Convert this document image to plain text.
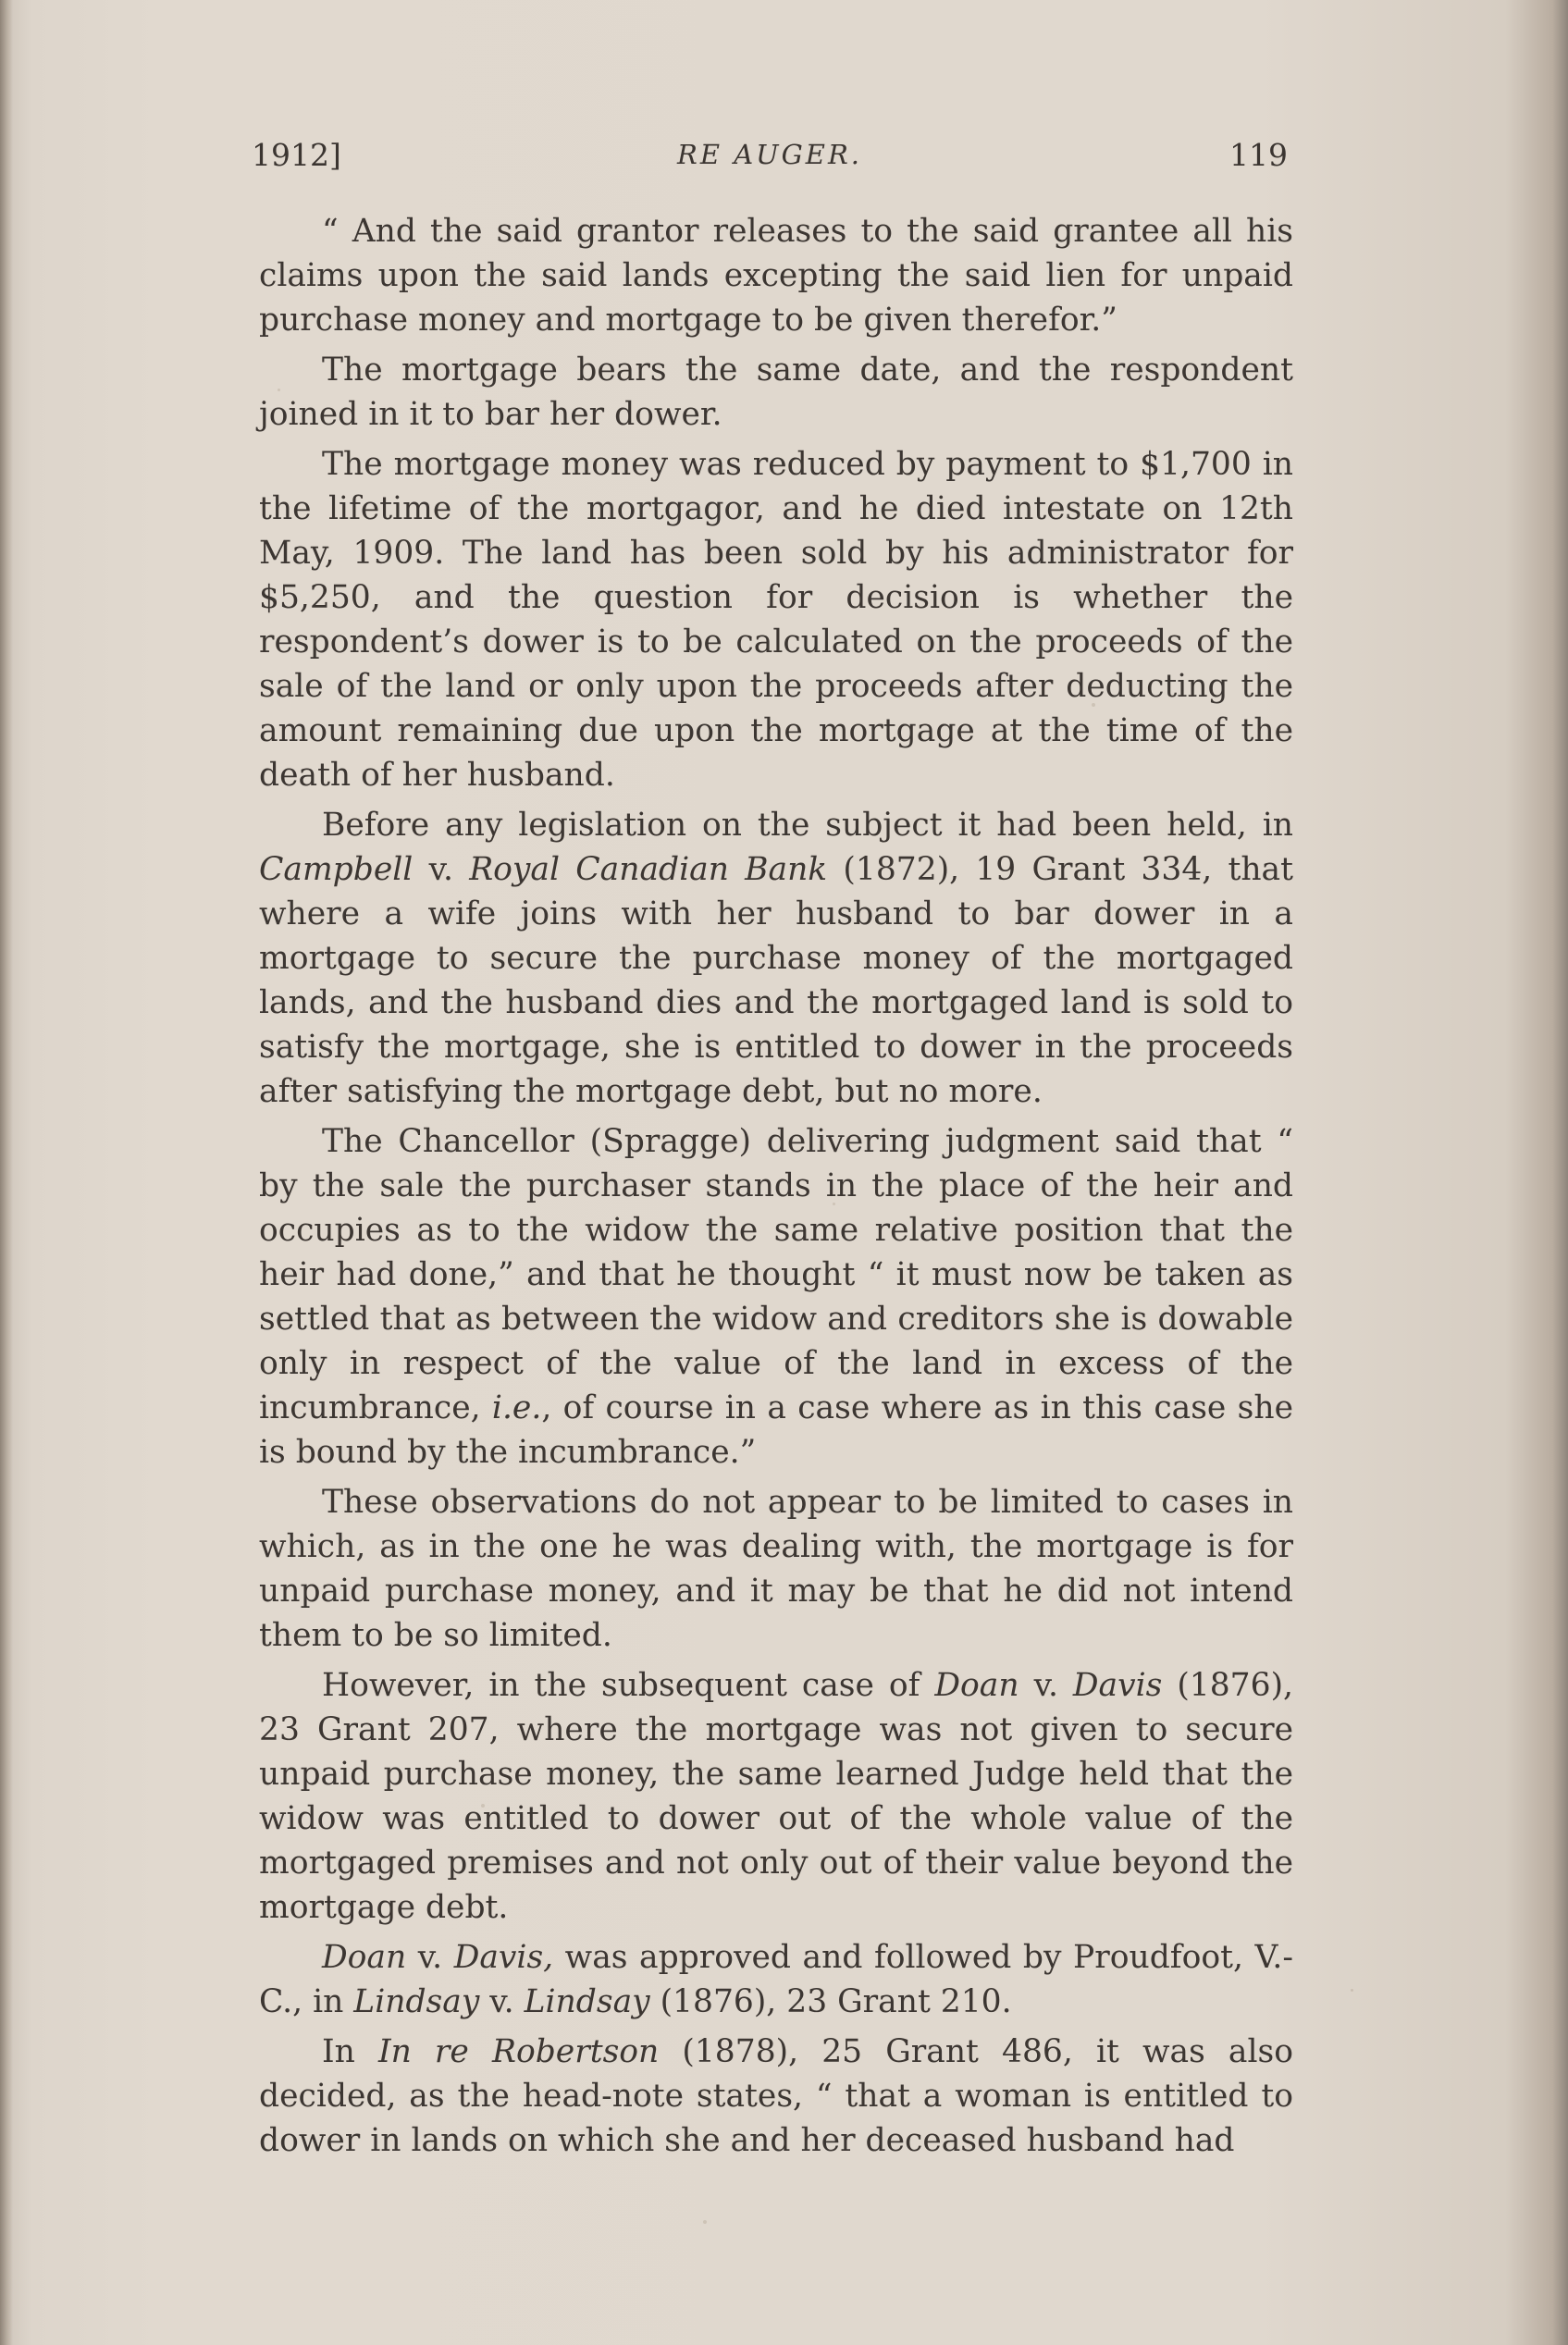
1912]	RE AUGER.	119

“ And the said grantor releases to the said grantee all his claims upon the said lands excepting the said lien for unpaid purchase money and mortgage to be given therefor.”

The mortgage bears the same date, and the respondent joined in it to bar her dower.

The mortgage money was reduced by payment to $1,700 in the lifetime of the mortgagor, and he died intestate on 12th May, 1909. The land has been sold by his administrator for $5,250, and the question for decision is whether the respondent’s dower is to be calculated on the proceeds of the sale of the land or only upon the proceeds after deducting the amount remaining due upon the mortgage at the time of the death of her husband.

Before any legislation on the subject it had been held, in Campbell v. Royal Canadian Bank (1872), 19 Grant 334, that where a wife joins with her husband to bar dower in a mortgage to secure the purchase money of the mortgaged lands, and the husband dies and the mortgaged land is sold to satisfy the mortgage, she is entitled to dower in the proceeds after satisfying the mortgage debt, but no more.

The Chancellor (Spragge) delivering judgment said that “ by the sale the purchaser stands in the place of the heir and occupies as to the widow the same relative position that the heir had done,” and that he thought “ it must now be taken as settled that as between the widow and creditors she is dowable only in respect of the value of the land in excess of the incumbrance, i.e., of course in a case where as in this case she is bound by the incumbrance.”

These observations do not appear to be limited to cases in which, as in the one he was dealing with, the mortgage is for unpaid purchase money, and it may be that he did not intend them to be so limited.

However, in the subsequent case of Doan v. Davis (1876), 23 Grant 207, where the mortgage was not given to secure unpaid purchase money, the same learned Judge held that the widow was entitled to dower out of the whole value of the mortgaged premises and not only out of their value beyond the mortgage debt.

Doan v. Davis, was approved and followed by Proudfoot, V.-C., in Lindsay v. Lindsay (1876), 23 Grant 210.

In In re Robertson (1878), 25 Grant 486, it was also decided, as the head-note states, “ that a woman is entitled to dower in lands on which she and her deceased husband had
